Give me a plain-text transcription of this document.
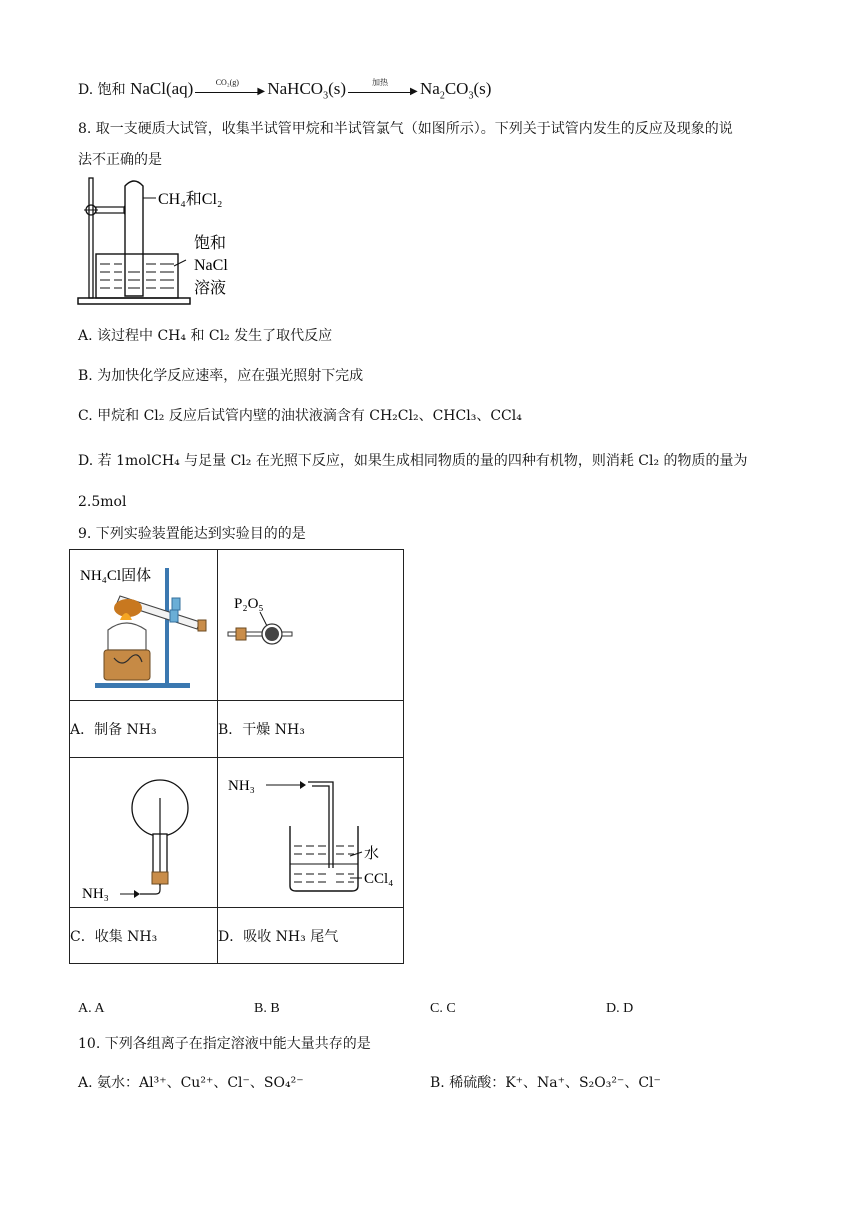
D. 饱和 NaCl(aq)	CO₂(g)
▶ NaHCO$_3$(s)	加热
▶ $Na_2CO_3(s)$
8. 取一支硬质大试管，收集半试管甲烷和半试管氯气（如图所示）。下列关于试管内发生的反应及现象的说
法不正确的是
CH₄和Cl₂
饱和
NaCl
溶液
A. 该过程中 CH₄ 和 Cl₂ 发生了取代反应
B. 为加快化学反应速率，应在强光照射下完成
C. 甲烷和 Cl₂ 反应后试管内壁的油状液滴含有 CH₂Cl₂、CHCl₃、CCl₄
D. 若 1molCH₄ 与足量 Cl₂ 在光照下反应，如果生成相同物质的量的四种有机物，则消耗 Cl₂ 的物质的量为
2.5mol
9. 下列实验装置能达到实验目的的是
NH₄Cl固体	P₂O₅

A．制备 NH₃	B．干燥 NH₃

NH₃	NH₃
水
CCl₄

C．收集 NH₃	D．吸收 NH₃ 尾气
A. A	B. B	C. C	D. D
10. 下列各组离子在指定溶液中能大量共存的是
A. 氨水：Al³⁺、Cu²⁺、Cl⁻、SO₄²⁻	B. 稀硫酸：K⁺、Na⁺、S₂O₃²⁻、Cl⁻
